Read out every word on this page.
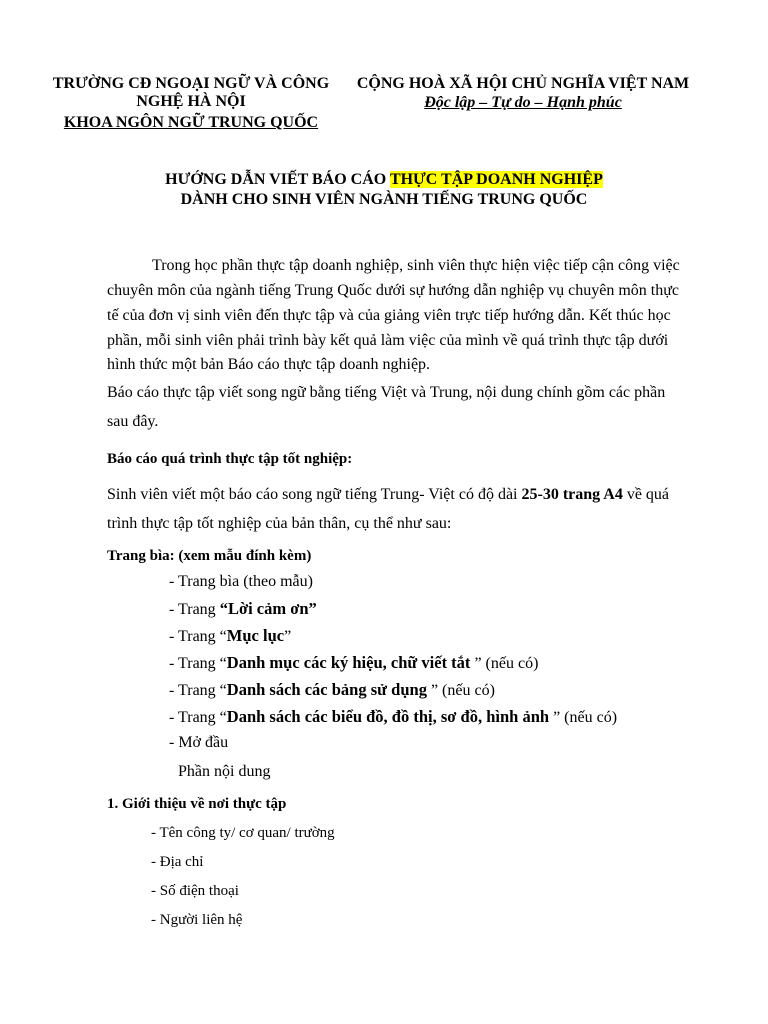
TRƯỜNG CĐ NGOẠI NGỮ VÀ CÔNG
NGHỆ HÀ NỘI
KHOA NGÔN NGỮ TRUNG QUỐC
CỘNG HOÀ XÃ HỘI CHỦ NGHĨA VIỆT NAM
Độc lập – Tự do – Hạnh phúc
HƯỚNG DẪN VIẾT BÁO CÁO THỰC TẬP DOANH NGHIỆP
DÀNH CHO SINH VIÊN NGÀNH TIẾNG TRUNG QUỐC
Trong học phần thực tập doanh nghiệp, sinh viên thực hiện việc tiếp cận công việc
chuyên môn của ngành tiếng Trung Quốc dưới sự hướng dẫn nghiệp vụ chuyên môn thực
tế của đơn vị sinh viên đến thực tập và của giảng viên trực tiếp hướng dẫn. Kết thúc học
phần, mỗi sinh viên phải trình bày kết quả làm việc của mình về quá trình thực tập dưới
hình thức một bản Báo cáo thực tập doanh nghiệp.
Báo cáo thực tập viết song ngữ bằng tiếng Việt và Trung, nội dung chính gồm các phần
sau đây.
Báo cáo quá trình thực tập tốt nghiệp:
Sinh viên viết một báo cáo song ngữ tiếng Trung- Việt có độ dài 25-30 trang A4 về quá
trình thực tập tốt nghiệp của bản thân, cụ thể như sau:
Trang bìa: (xem mẫu đính kèm)
- Trang bìa (theo mẫu)
- Trang “Lời cảm ơn”
- Trang “Mục lục”
- Trang “Danh mục các ký hiệu, chữ viết tắt ” (nếu có)
- Trang “Danh sách các bảng sử dụng ” (nếu có)
- Trang “Danh sách các biểu đồ, đồ thị, sơ đồ, hình ảnh ” (nếu có)
- Mở đầu
Phần nội dung
1. Giới thiệu về nơi thực tập
- Tên công ty/ cơ quan/ trường
- Địa chỉ
- Số điện thoại
- Người liên hệ
